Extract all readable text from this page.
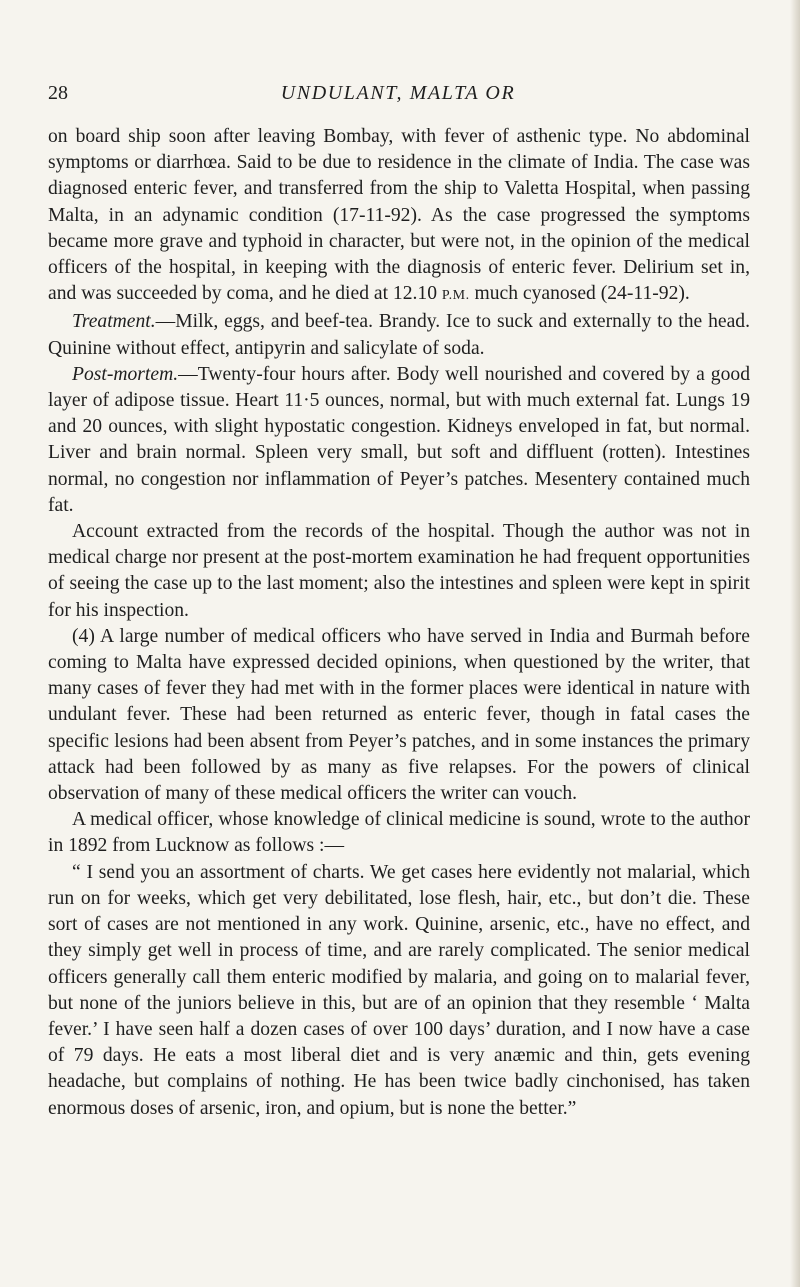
28	UNDULANT, MALTA OR

on board ship soon after leaving Bombay, with fever of asthenic type. No abdominal symptoms or diarrhœa. Said to be due to residence in the climate of India. The case was diagnosed enteric fever, and transferred from the ship to Valetta Hospital, when passing Malta, in an adynamic condition (17-11-92). As the case progressed the symptoms became more grave and typhoid in character, but were not, in the opinion of the medical officers of the hospital, in keeping with the diagnosis of enteric fever. Delirium set in, and was succeeded by coma, and he died at 12.10 P.M. much cyanosed (24-11-92).

Treatment.—Milk, eggs, and beef-tea. Brandy. Ice to suck and externally to the head. Quinine without effect, antipyrin and salicylate of soda.

Post-mortem.—Twenty-four hours after. Body well nourished and covered by a good layer of adipose tissue. Heart 11·5 ounces, normal, but with much external fat. Lungs 19 and 20 ounces, with slight hypostatic congestion. Kidneys enveloped in fat, but normal. Liver and brain normal. Spleen very small, but soft and diffluent (rotten). Intestines normal, no congestion nor inflammation of Peyer’s patches. Mesentery contained much fat.

Account extracted from the records of the hospital. Though the author was not in medical charge nor present at the post-mortem examination he had frequent opportunities of seeing the case up to the last moment; also the intestines and spleen were kept in spirit for his inspection.

(4) A large number of medical officers who have served in India and Burmah before coming to Malta have expressed decided opinions, when questioned by the writer, that many cases of fever they had met with in the former places were identical in nature with undulant fever. These had been returned as enteric fever, though in fatal cases the specific lesions had been absent from Peyer’s patches, and in some instances the primary attack had been followed by as many as five relapses. For the powers of clinical observation of many of these medical officers the writer can vouch.

A medical officer, whose knowledge of clinical medicine is sound, wrote to the author in 1892 from Lucknow as follows :—

“ I send you an assortment of charts. We get cases here evidently not malarial, which run on for weeks, which get very debilitated, lose flesh, hair, etc., but don’t die. These sort of cases are not mentioned in any work. Quinine, arsenic, etc., have no effect, and they simply get well in process of time, and are rarely complicated. The senior medical officers generally call them enteric modified by malaria, and going on to malarial fever, but none of the juniors believe in this, but are of an opinion that they resemble ‘ Malta fever.’ I have seen half a dozen cases of over 100 days’ duration, and I now have a case of 79 days. He eats a most liberal diet and is very anæmic and thin, gets evening headache, but complains of nothing. He has been twice badly cinchonised, has taken enormous doses of arsenic, iron, and opium, but is none the better.”
